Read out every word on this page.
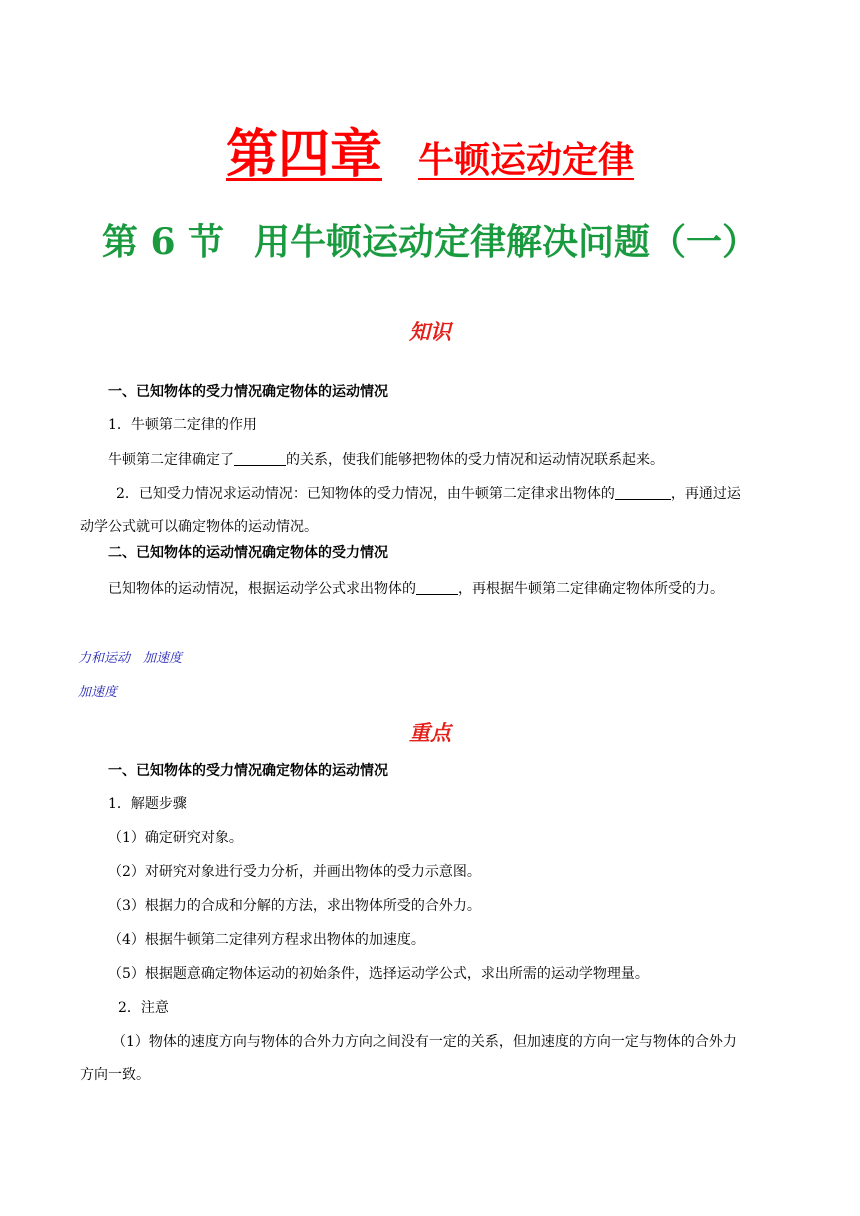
第四章 牛顿运动定律
第 6 节 用牛顿运动定律解决问题（一）
知识
一、已知物体的受力情况确定物体的运动情况
1．牛顿第二定律的作用
牛顿第二定律确定了	的关系，使我们能够把物体的受力情况和运动情况联系起来。
2．已知受力情况求运动情况：已知物体的受力情况，由牛顿第二定律求出物体的	，再通过运
动学公式就可以确定物体的运动情况。
二、已知物体的运动情况确定物体的受力情况
已知物体的运动情况，根据运动学公式求出物体的	，再根据牛顿第二定律确定物体所受的力。
力和运动　加速度
加速度
重点
一、已知物体的受力情况确定物体的运动情况
1．解题步骤
（1）确定研究对象。
（2）对研究对象进行受力分析，并画出物体的受力示意图。
（3）根据力的合成和分解的方法，求出物体所受的合外力。
（4）根据牛顿第二定律列方程求出物体的加速度。
（5）根据题意确定物体运动的初始条件，选择运动学公式，求出所需的运动学物理量。
2．注意
（1）物体的速度方向与物体的合外力方向之间没有一定的关系，但加速度的方向一定与物体的合外力
方向一致。
